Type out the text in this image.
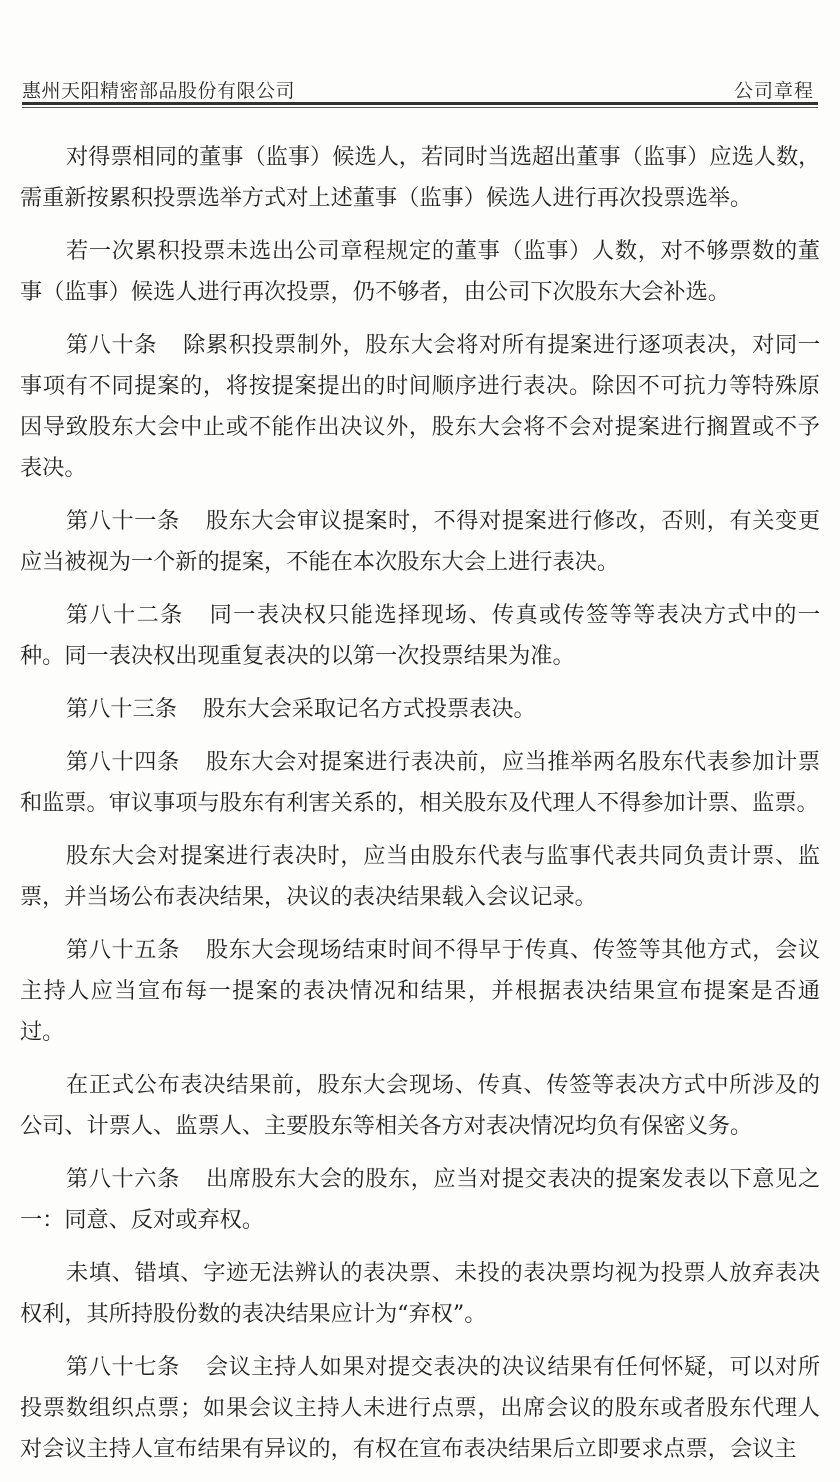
惠州天阳精密部品股份有限公司	公司章程
对得票相同的董事（监事）候选人，若同时当选超出董事（监事）应选人数，
需重新按累积投票选举方式对上述董事（监事）候选人进行再次投票选举。
若一次累积投票未选出公司章程规定的董事（监事）人数，对不够票数的董
事（监事）候选人进行再次投票，仍不够者，由公司下次股东大会补选。
第八十条 除累积投票制外，股东大会将对所有提案进行逐项表决，对同一
事项有不同提案的，将按提案提出的时间顺序进行表决。除因不可抗力等特殊原
因导致股东大会中止或不能作出决议外，股东大会将不会对提案进行搁置或不予
表决。
第八十一条 股东大会审议提案时，不得对提案进行修改，否则，有关变更
应当被视为一个新的提案，不能在本次股东大会上进行表决。
第八十二条 同一表决权只能选择现场、传真或传签等等表决方式中的一
种。同一表决权出现重复表决的以第一次投票结果为准。
第八十三条 股东大会采取记名方式投票表决。
第八十四条 股东大会对提案进行表决前，应当推举两名股东代表参加计票
和监票。审议事项与股东有利害关系的，相关股东及代理人不得参加计票、监票。
股东大会对提案进行表决时，应当由股东代表与监事代表共同负责计票、监
票，并当场公布表决结果，决议的表决结果载入会议记录。
第八十五条 股东大会现场结束时间不得早于传真、传签等其他方式，会议
主持人应当宣布每一提案的表决情况和结果，并根据表决结果宣布提案是否通
过。
在正式公布表决结果前，股东大会现场、传真、传签等表决方式中所涉及的
公司、计票人、监票人、主要股东等相关各方对表决情况均负有保密义务。
第八十六条 出席股东大会的股东，应当对提交表决的提案发表以下意见之
一：同意、反对或弃权。
未填、错填、字迹无法辨认的表决票、未投的表决票均视为投票人放弃表决
权利，其所持股份数的表决结果应计为“弃权”。
第八十七条 会议主持人如果对提交表决的决议结果有任何怀疑，可以对所
投票数组织点票；如果会议主持人未进行点票，出席会议的股东或者股东代理人
对会议主持人宣布结果有异议的，有权在宣布表决结果后立即要求点票，会议主
